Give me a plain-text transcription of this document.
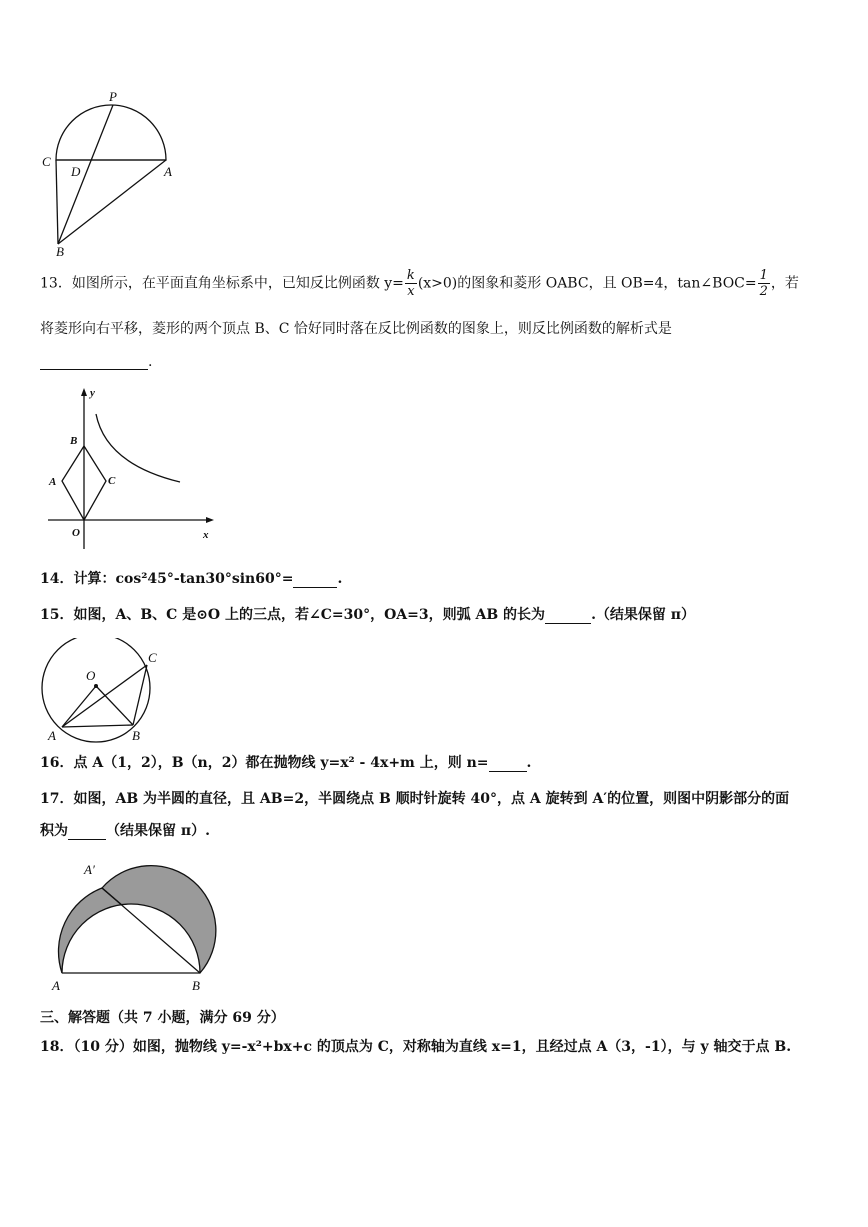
P
C
D	A
B
13．如图所示，在平面直角坐标系中，已知反比例函数 $y= \frac{k}{x} (x>0)$的图象和菱形 OABC，且 OB=4，tan∠BOC= $\frac{1}{2}$ ，若
将菱形向右平移，菱形的两个顶点 B、C 恰好同时落在反比例函数的图象上，则反比例函数的解析式是
.
y
B
A	C
O	x
14．计算：cos²45°-tan30°sin60°=	.
15．如图，A、B、C 是⊙O 上的三点，若∠C=30°，OA=3，则弧 AB 的长为	.（结果保留 π）
O
C
A	B
16．点 A（1，2），B（n，2）都在抛物线 y=x² - 4x+m 上，则 n=	.
17．如图，AB 为半圆的直径，且 AB=2，半圆绕点 B 顺时针旋转 40°，点 A 旋转到 A′的位置，则图中阴影部分的面
积为	（结果保留 π）.
A′
A	B
三、解答题（共 7 小题，满分 69 分）
18．（10 分）如图，抛物线 y=-x²+bx+c 的顶点为 C，对称轴为直线 x=1，且经过点 A（3，-1），与 y 轴交于点 B.
